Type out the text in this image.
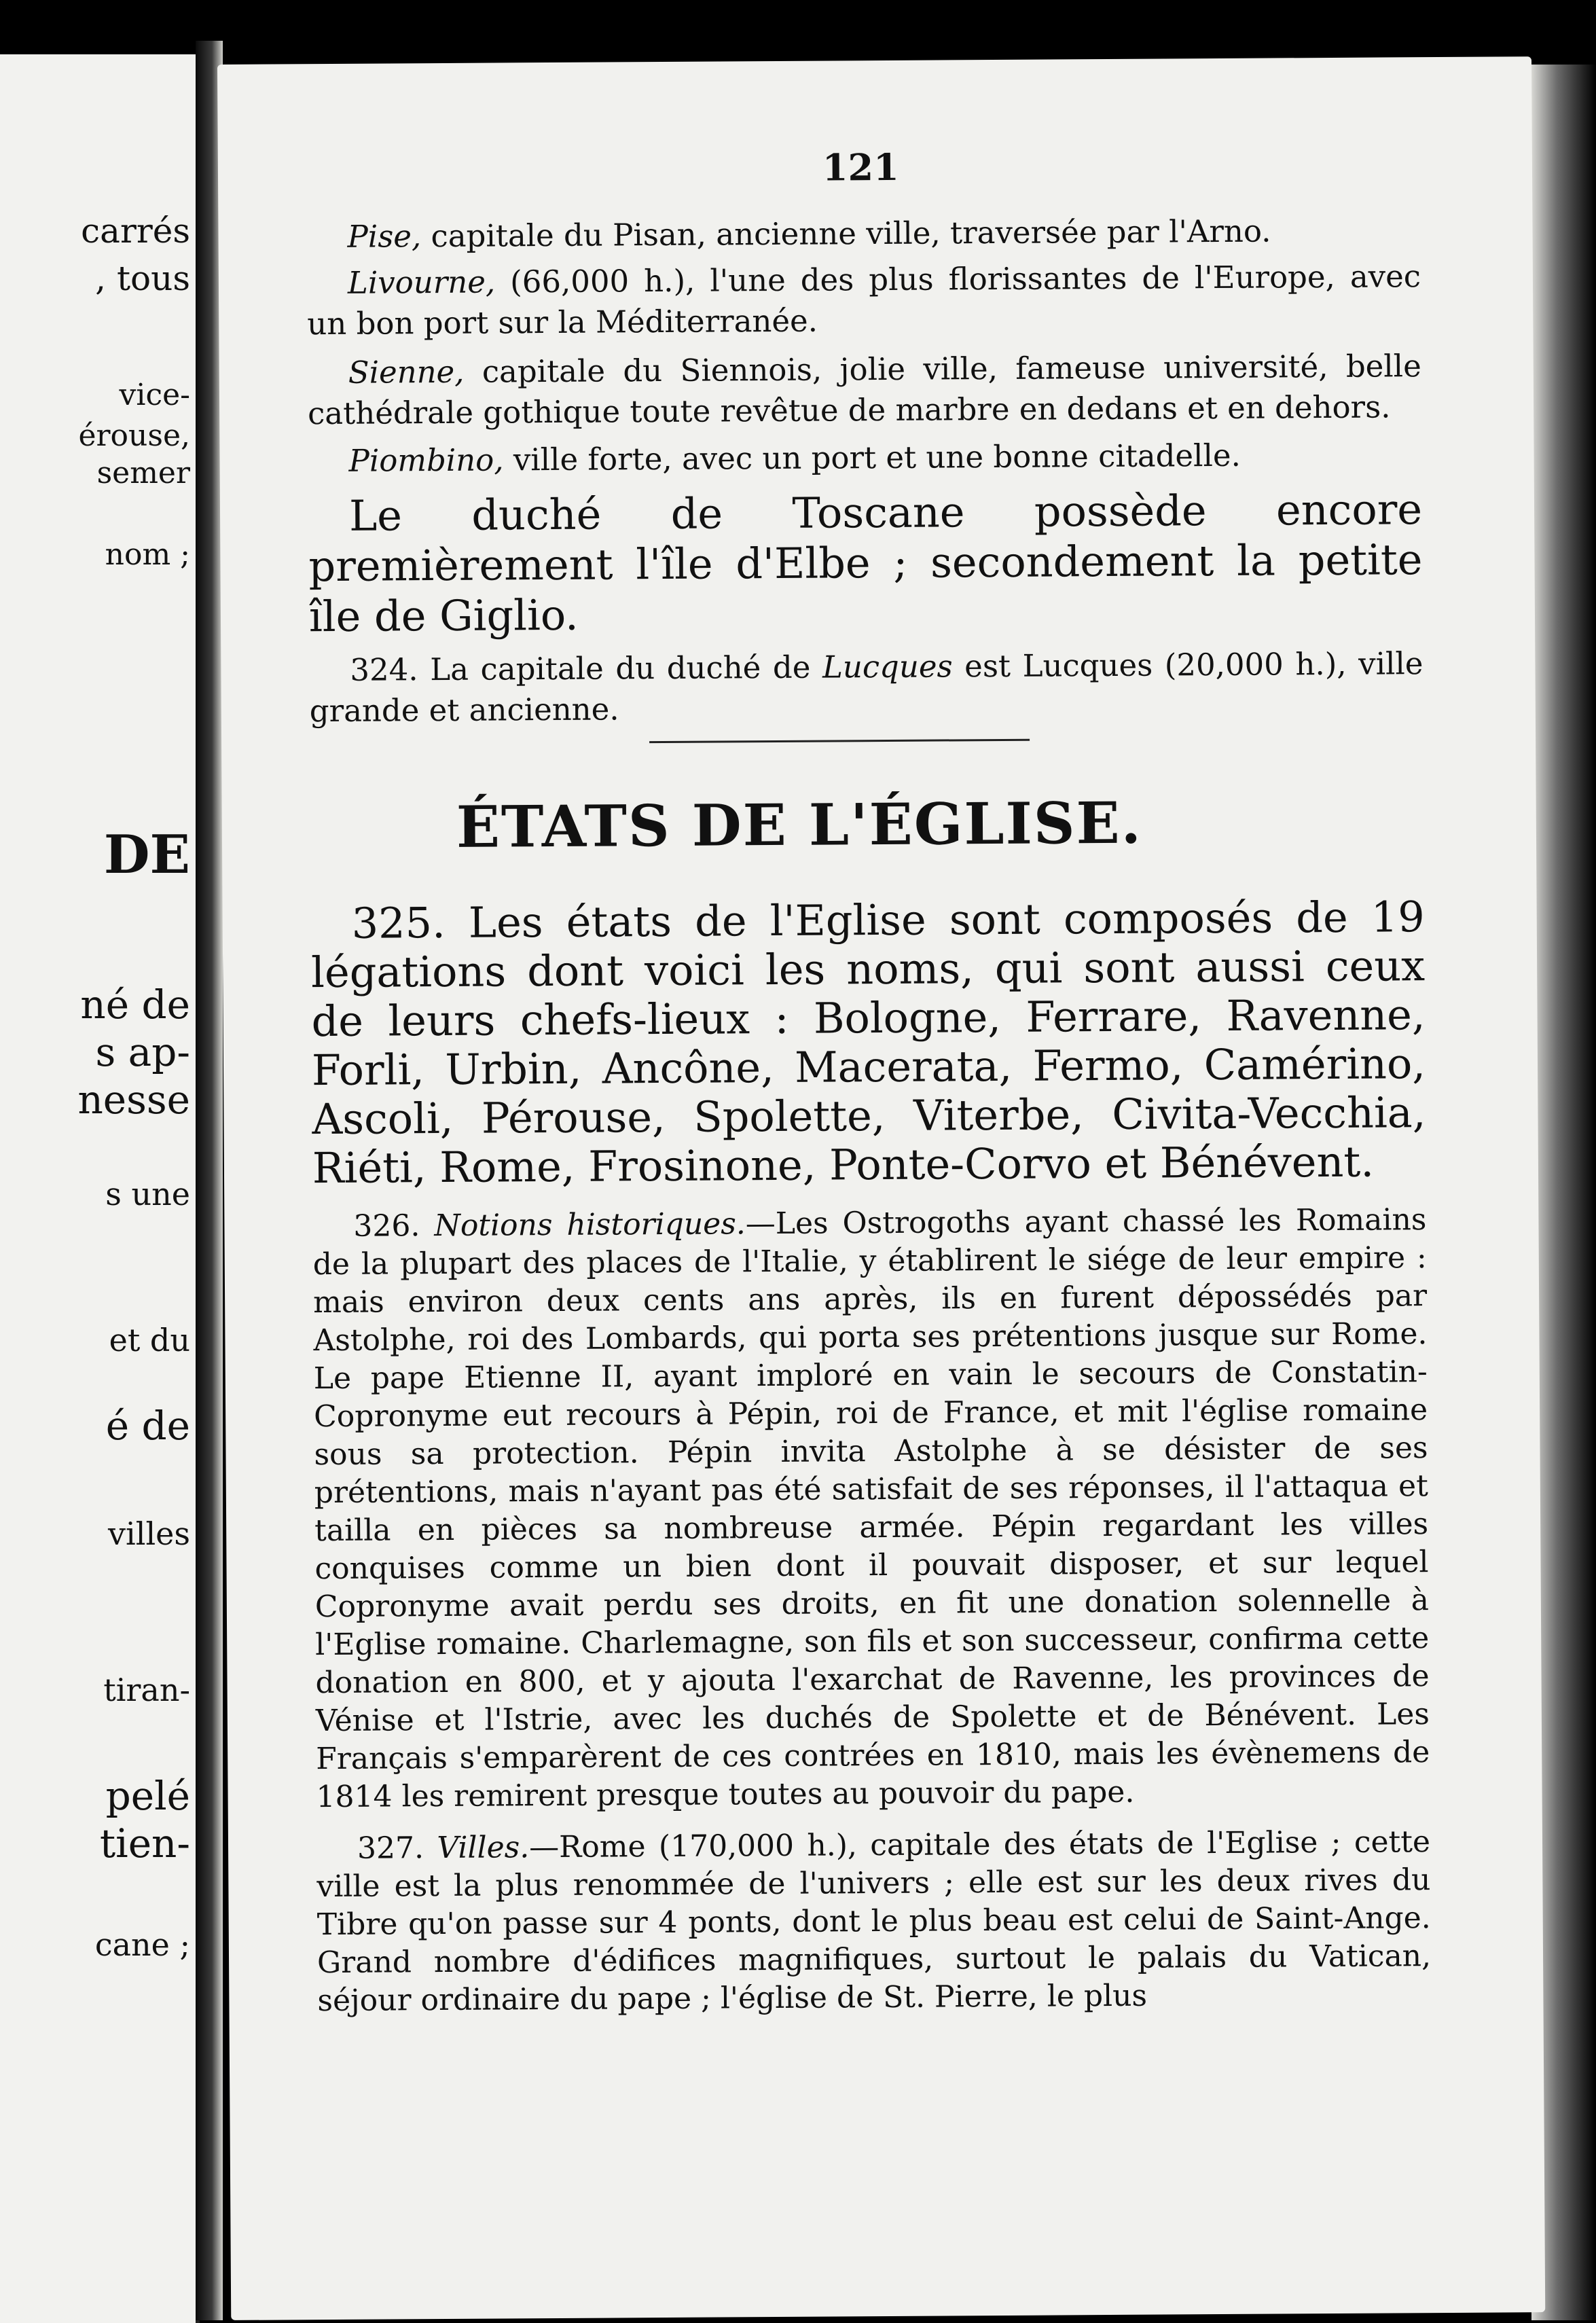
carrés
, tous
vice-
érouse,
semer
nom ;
DE
né de
s ap-
nesse
s une
et du
é de
villes
tiran-
pelé
tien-
cane ;
121

Pise, capitale du Pisan, ancienne ville, traversée par l'Arno.

Livourne, (66,000 h.), l'une des plus florissantes de l'Europe, avec un bon port sur la Méditerranée.

Sienne, capitale du Siennois, jolie ville, fameuse université, belle cathédrale gothique toute revêtue de marbre en dedans et en dehors.

Piombino, ville forte, avec un port et une bonne citadelle.

Le duché de Toscane possède encore premièrement l'île d'Elbe ; secondement la petite île de Giglio.

324. La capitale du duché de Lucques est Lucques (20,000 h.), ville grande et ancienne.

ÉTATS DE L'ÉGLISE.

325. Les états de l'Eglise sont composés de 19 légations dont voici les noms, qui sont aussi ceux de leurs chefs-lieux : Bologne, Ferrare, Ravenne, Forli, Urbin, Ancône, Macerata, Fermo, Camérino, Ascoli, Pérouse, Spolette, Viterbe, Civita-Vecchia, Riéti, Rome, Frosinone, Ponte-Corvo et Bénévent.

326. Notions historiques.—Les Ostrogoths ayant chassé les Romains de la plupart des places de l'Italie, y établirent le siége de leur empire : mais environ deux cents ans après, ils en furent dépossédés par Astolphe, roi des Lombards, qui porta ses prétentions jusque sur Rome. Le pape Etienne II, ayant imploré en vain le secours de Constatin-Copronyme eut recours à Pépin, roi de France, et mit l'église romaine sous sa protection. Pépin invita Astolphe à se désister de ses prétentions, mais n'ayant pas été satisfait de ses réponses, il l'attaqua et tailla en pièces sa nombreuse armée. Pépin regardant les villes conquises comme un bien dont il pouvait disposer, et sur lequel Copronyme avait perdu ses droits, en fit une donation solennelle à l'Eglise romaine. Charlemagne, son fils et son successeur, confirma cette donation en 800, et y ajouta l'exarchat de Ravenne, les provinces de Vénise et l'Istrie, avec les duchés de Spolette et de Bénévent. Les Français s'emparèrent de ces contrées en 1810, mais les évènemens de 1814 les remirent presque toutes au pouvoir du pape.

327. Villes.—Rome (170,000 h.), capitale des états de l'Eglise ; cette ville est la plus renommée de l'univers ; elle est sur les deux rives du Tibre qu'on passe sur 4 ponts, dont le plus beau est celui de Saint-Ange. Grand nombre d'édifices magnifiques, surtout le palais du Vatican, séjour ordinaire du pape ; l'église de St. Pierre, le plus
